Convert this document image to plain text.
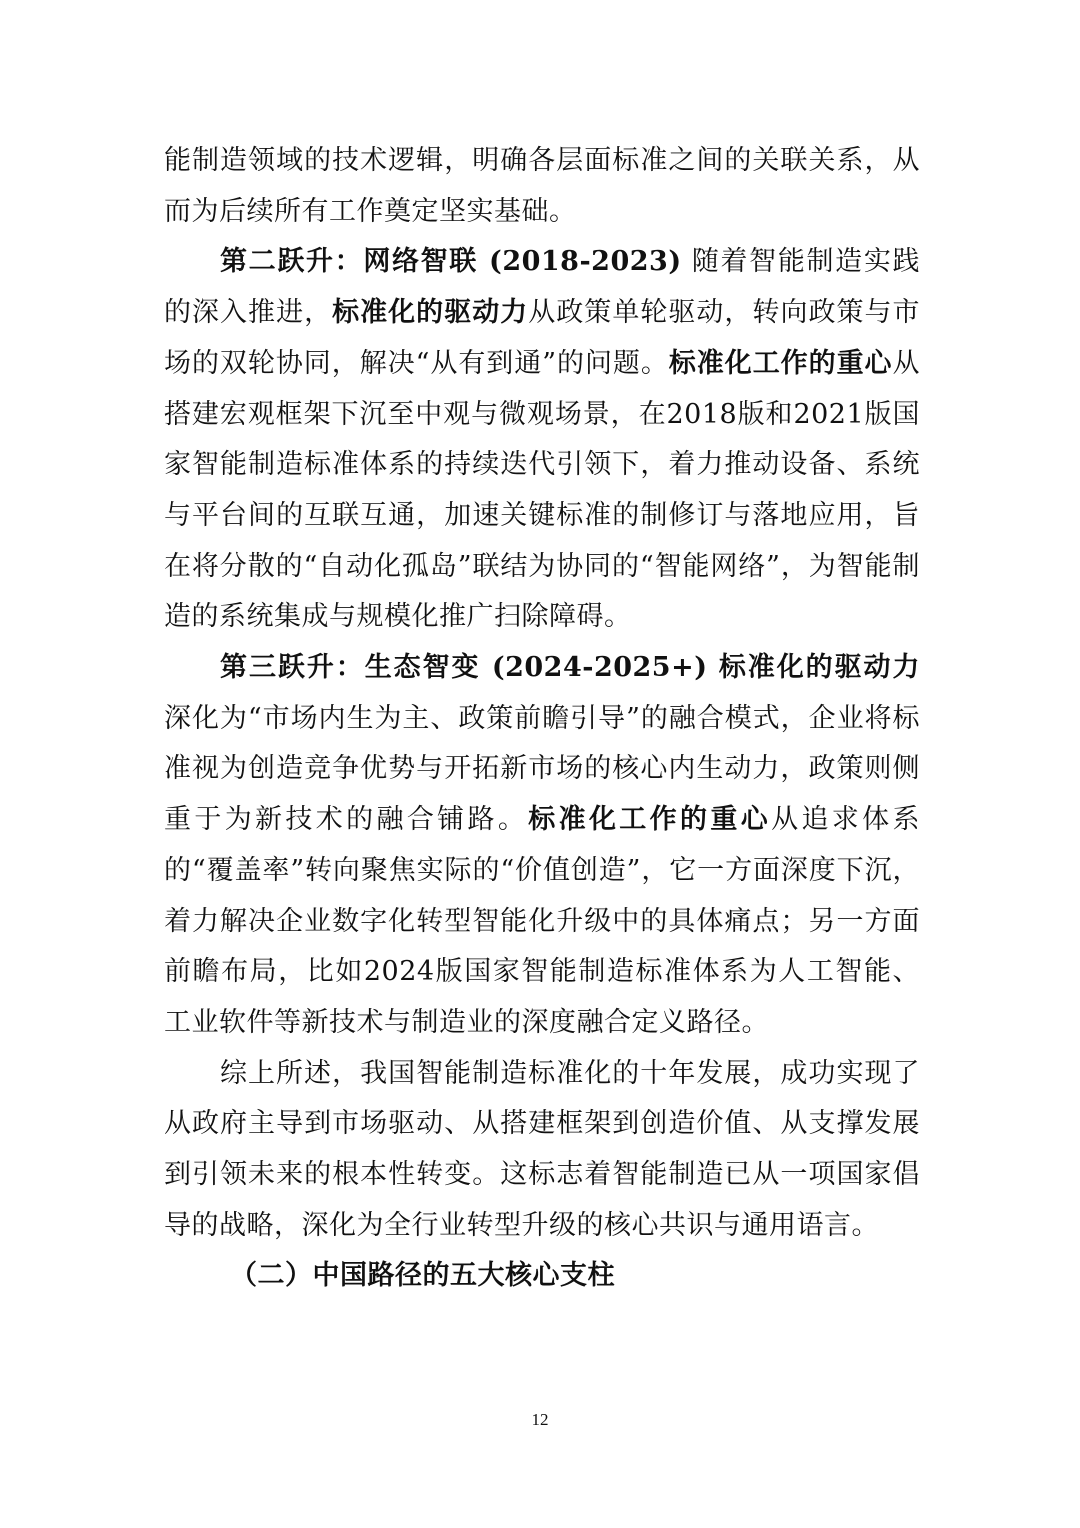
能制造领域的技术逻辑，明确各层面标准之间的关联关系，从而为后续所有工作奠定坚实基础。

第二跃升：网络智联 (2018-2023) 随着智能制造实践的深入推进，标准化的驱动力从政策单轮驱动，转向政策与市场的双轮协同，解决“从有到通”的问题。标准化工作的重心从搭建宏观框架下沉至中观与微观场景，在2018版和2021版国家智能制造标准体系的持续迭代引领下，着力推动设备、系统与平台间的互联互通，加速关键标准的制修订与落地应用，旨在将分散的“自动化孤岛”联结为协同的“智能网络”，为智能制造的系统集成与规模化推广扫除障碍。

第三跃升：生态智变 (2024-2025+) 标准化的驱动力深化为“市场内生为主、政策前瞻引导”的融合模式，企业将标准视为创造竞争优势与开拓新市场的核心内生动力，政策则侧重于为新技术的融合铺路。标准化工作的重心从追求体系的“覆盖率”转向聚焦实际的“价值创造”，它一方面深度下沉，着力解决企业数字化转型智能化升级中的具体痛点；另一方面前瞻布局，比如2024版国家智能制造标准体系为人工智能、工业软件等新技术与制造业的深度融合定义路径。

综上所述，我国智能制造标准化的十年发展，成功实现了从政府主导到市场驱动、从搭建框架到创造价值、从支撑发展到引领未来的根本性转变。这标志着智能制造已从一项国家倡导的战略，深化为全行业转型升级的核心共识与通用语言。

（二）中国路径的五大核心支柱

12
